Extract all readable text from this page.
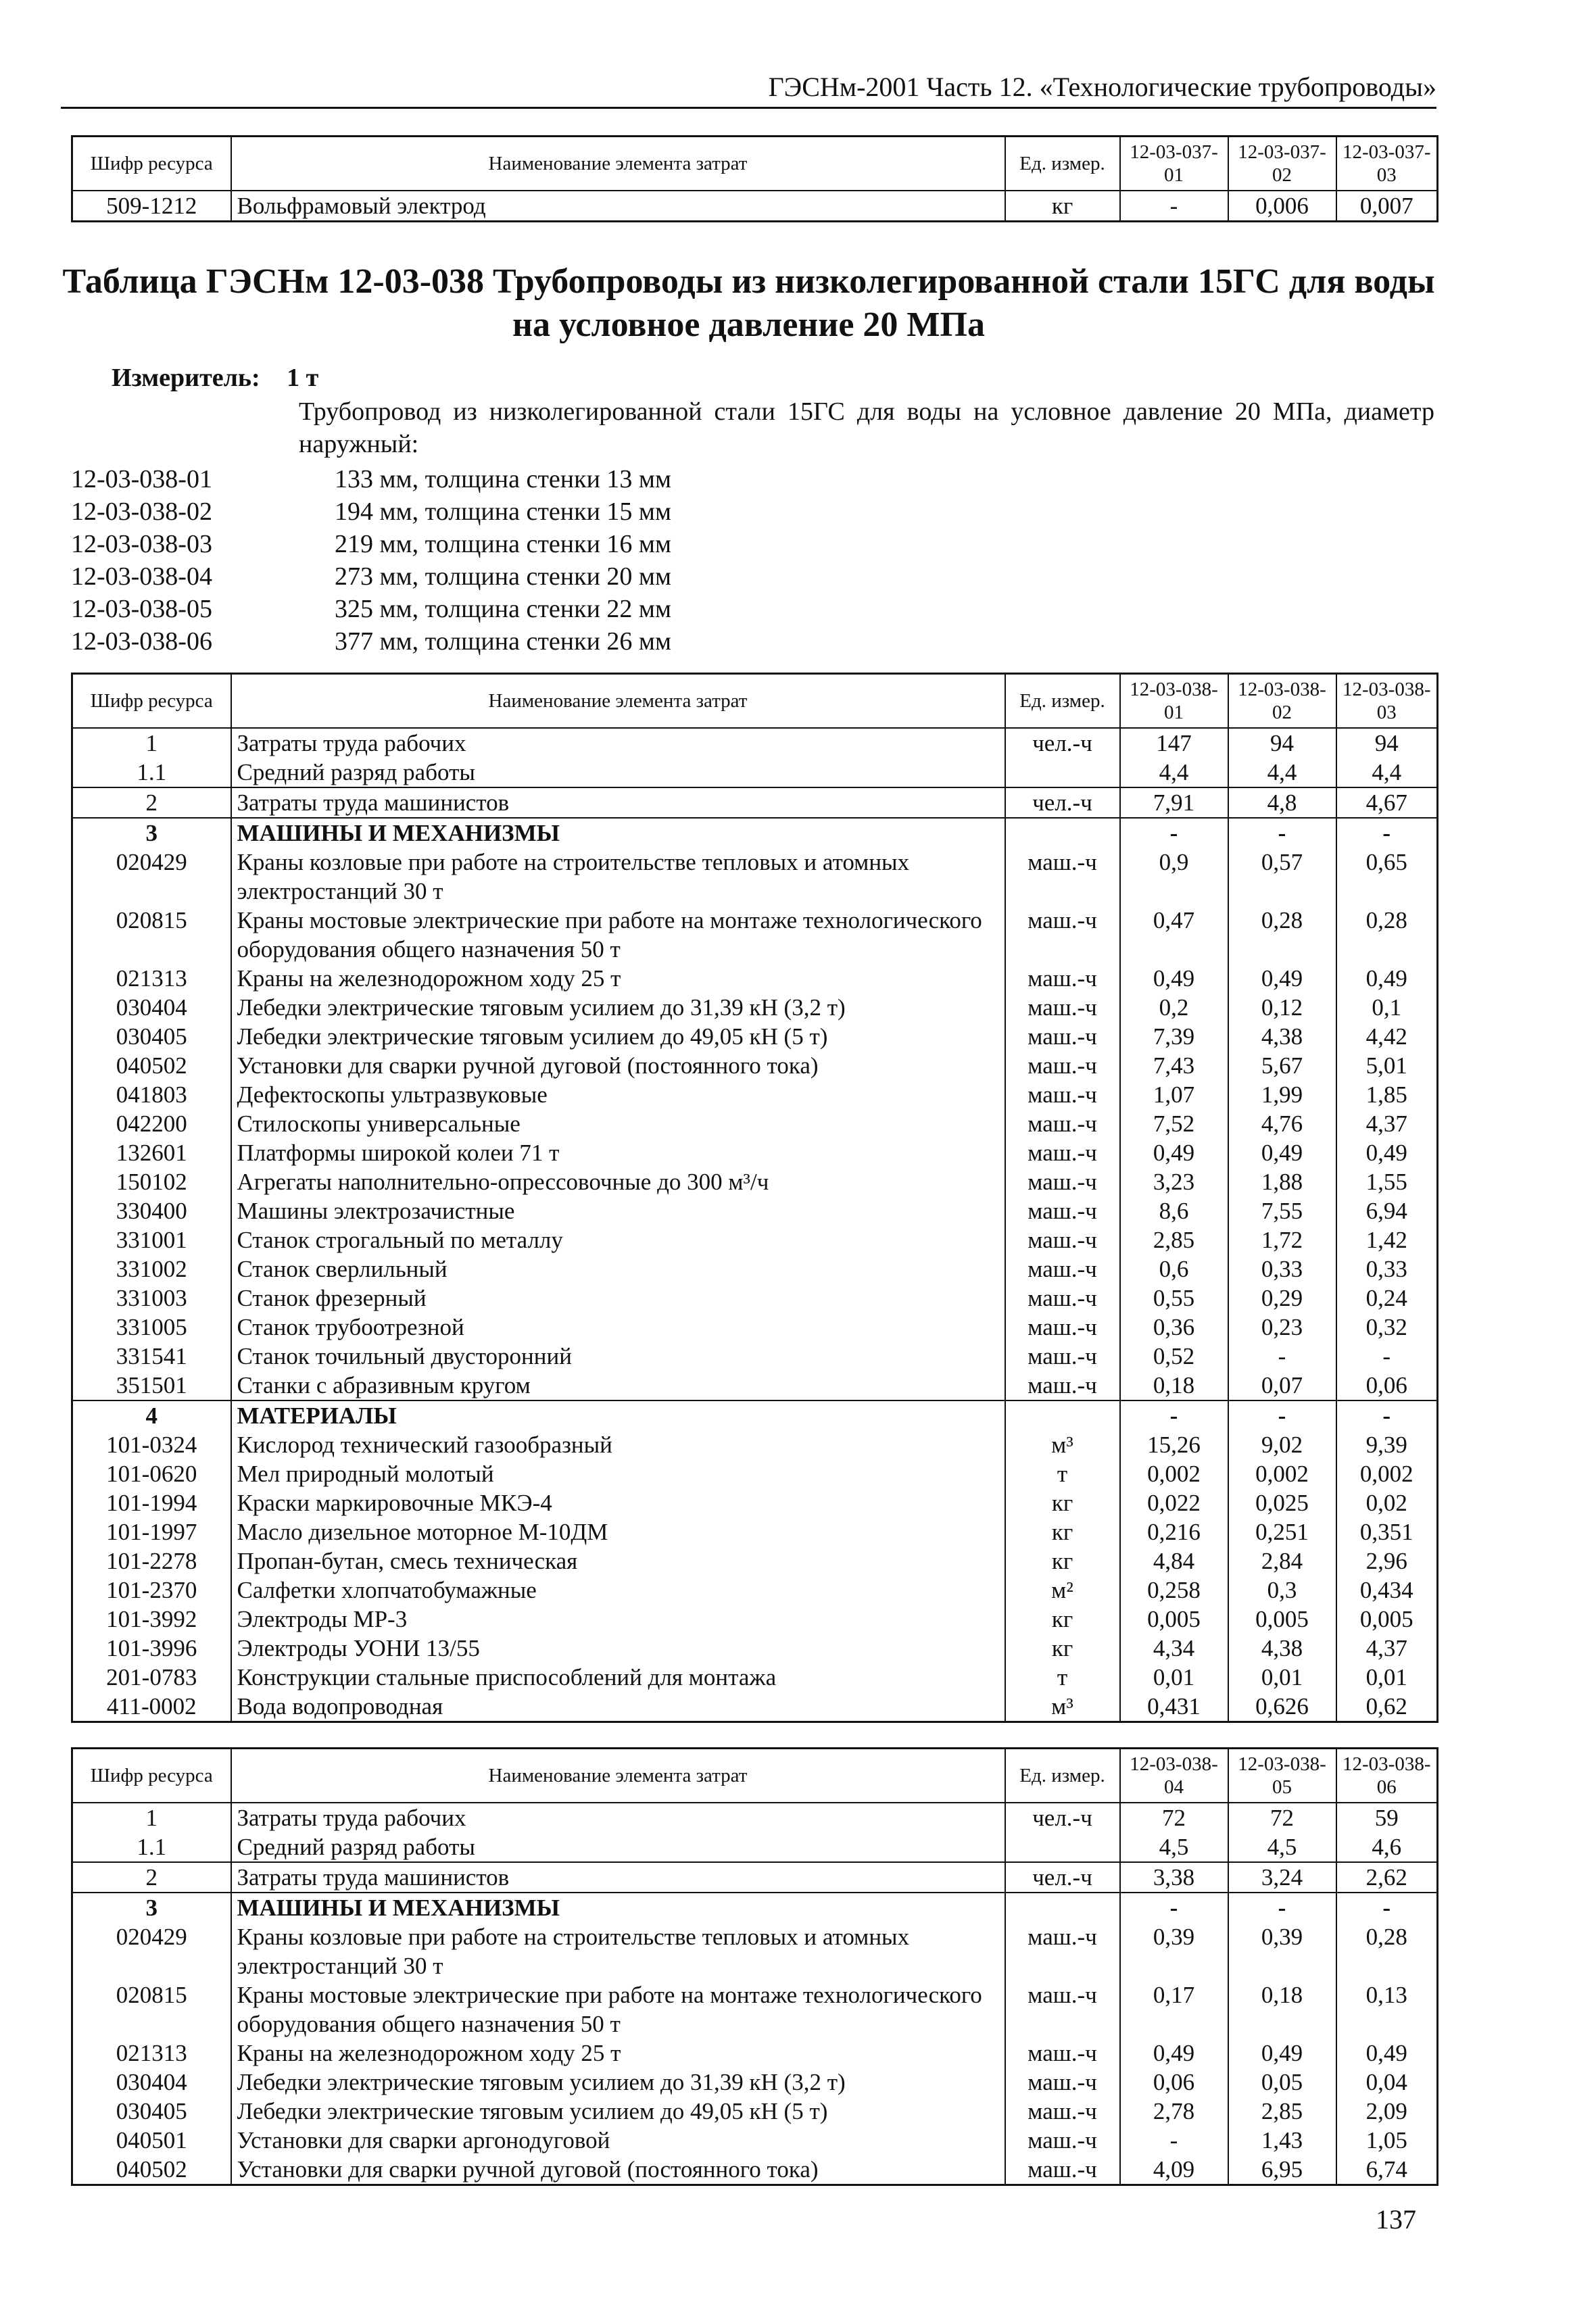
ГЭСНм-2001 Часть 12. «Технологические трубопроводы»
Шифр ресурса	Наименование элемента затрат	Ед. измер.	12-03-037-01	12-03-037-02	12-03-037-03
509-1212	Вольфрамовый электрод	кг	-	0,006	0,007
Таблица ГЭСНм 12-03-038 Трубопроводы из низколегированной стали 15ГС для воды на условное давление 20 МПа
Измеритель: 1 т
Трубопровод из низколегированной стали 15ГС для воды на условное давление 20 МПа, диаметр наружный:
12-03-038-01	133 мм, толщина стенки 13 мм
12-03-038-02	194 мм, толщина стенки 15 мм
12-03-038-03	219 мм, толщина стенки 16 мм
12-03-038-04	273 мм, толщина стенки 20 мм
12-03-038-05	325 мм, толщина стенки 22 мм
12-03-038-06	377 мм, толщина стенки 26 мм
Шифр ресурса	Наименование элемента затрат	Ед. измер.	12-03-038-01	12-03-038-02	12-03-038-03
1	Затраты труда рабочих	чел.-ч	147	94	94
1.1	Средний разряд работы		4,4	4,4	4,4
2	Затраты труда машинистов	чел.-ч	7,91	4,8	4,67
3	МАШИНЫ И МЕХАНИЗМЫ		-	-	-
020429	Краны козловые при работе на строительстве тепловых и атомных электростанций 30 т	маш.-ч	0,9	0,57	0,65
020815	Краны мостовые электрические при работе на монтаже технологического оборудования общего назначения 50 т	маш.-ч	0,47	0,28	0,28
021313	Краны на железнодорожном ходу 25 т	маш.-ч	0,49	0,49	0,49
030404	Лебедки электрические тяговым усилием до 31,39 кН (3,2 т)	маш.-ч	0,2	0,12	0,1
030405	Лебедки электрические тяговым усилием до 49,05 кН (5 т)	маш.-ч	7,39	4,38	4,42
040502	Установки для сварки ручной дуговой (постоянного тока)	маш.-ч	7,43	5,67	5,01
041803	Дефектоскопы ультразвуковые	маш.-ч	1,07	1,99	1,85
042200	Стилоскопы универсальные	маш.-ч	7,52	4,76	4,37
132601	Платформы широкой колеи 71 т	маш.-ч	0,49	0,49	0,49
150102	Агрегаты наполнительно-опрессовочные до 300 м³/ч	маш.-ч	3,23	1,88	1,55
330400	Машины электрозачистные	маш.-ч	8,6	7,55	6,94
331001	Станок строгальный по металлу	маш.-ч	2,85	1,72	1,42
331002	Станок сверлильный	маш.-ч	0,6	0,33	0,33
331003	Станок фрезерный	маш.-ч	0,55	0,29	0,24
331005	Станок трубоотрезной	маш.-ч	0,36	0,23	0,32
331541	Станок точильный двусторонний	маш.-ч	0,52	-	-
351501	Станки с абразивным кругом	маш.-ч	0,18	0,07	0,06
4	МАТЕРИАЛЫ		-	-	-
101-0324	Кислород технический газообразный	м³	15,26	9,02	9,39
101-0620	Мел природный молотый	т	0,002	0,002	0,002
101-1994	Краски маркировочные МКЭ-4	кг	0,022	0,025	0,02
101-1997	Масло дизельное моторное М-10ДМ	кг	0,216	0,251	0,351
101-2278	Пропан-бутан, смесь техническая	кг	4,84	2,84	2,96
101-2370	Салфетки хлопчатобумажные	м²	0,258	0,3	0,434
101-3992	Электроды МР-3	кг	0,005	0,005	0,005
101-3996	Электроды УОНИ 13/55	кг	4,34	4,38	4,37
201-0783	Конструкции стальные приспособлений для монтажа	т	0,01	0,01	0,01
411-0002	Вода водопроводная	м³	0,431	0,626	0,62
Шифр ресурса	Наименование элемента затрат	Ед. измер.	12-03-038-04	12-03-038-05	12-03-038-06
1	Затраты труда рабочих	чел.-ч	72	72	59
1.1	Средний разряд работы		4,5	4,5	4,6
2	Затраты труда машинистов	чел.-ч	3,38	3,24	2,62
3	МАШИНЫ И МЕХАНИЗМЫ		-	-	-
020429	Краны козловые при работе на строительстве тепловых и атомных электростанций 30 т	маш.-ч	0,39	0,39	0,28
020815	Краны мостовые электрические при работе на монтаже технологического оборудования общего назначения 50 т	маш.-ч	0,17	0,18	0,13
021313	Краны на железнодорожном ходу 25 т	маш.-ч	0,49	0,49	0,49
030404	Лебедки электрические тяговым усилием до 31,39 кН (3,2 т)	маш.-ч	0,06	0,05	0,04
030405	Лебедки электрические тяговым усилием до 49,05 кН (5 т)	маш.-ч	2,78	2,85	2,09
040501	Установки для сварки аргонодуговой	маш.-ч	-	1,43	1,05
040502	Установки для сварки ручной дуговой (постоянного тока)	маш.-ч	4,09	6,95	6,74
137
